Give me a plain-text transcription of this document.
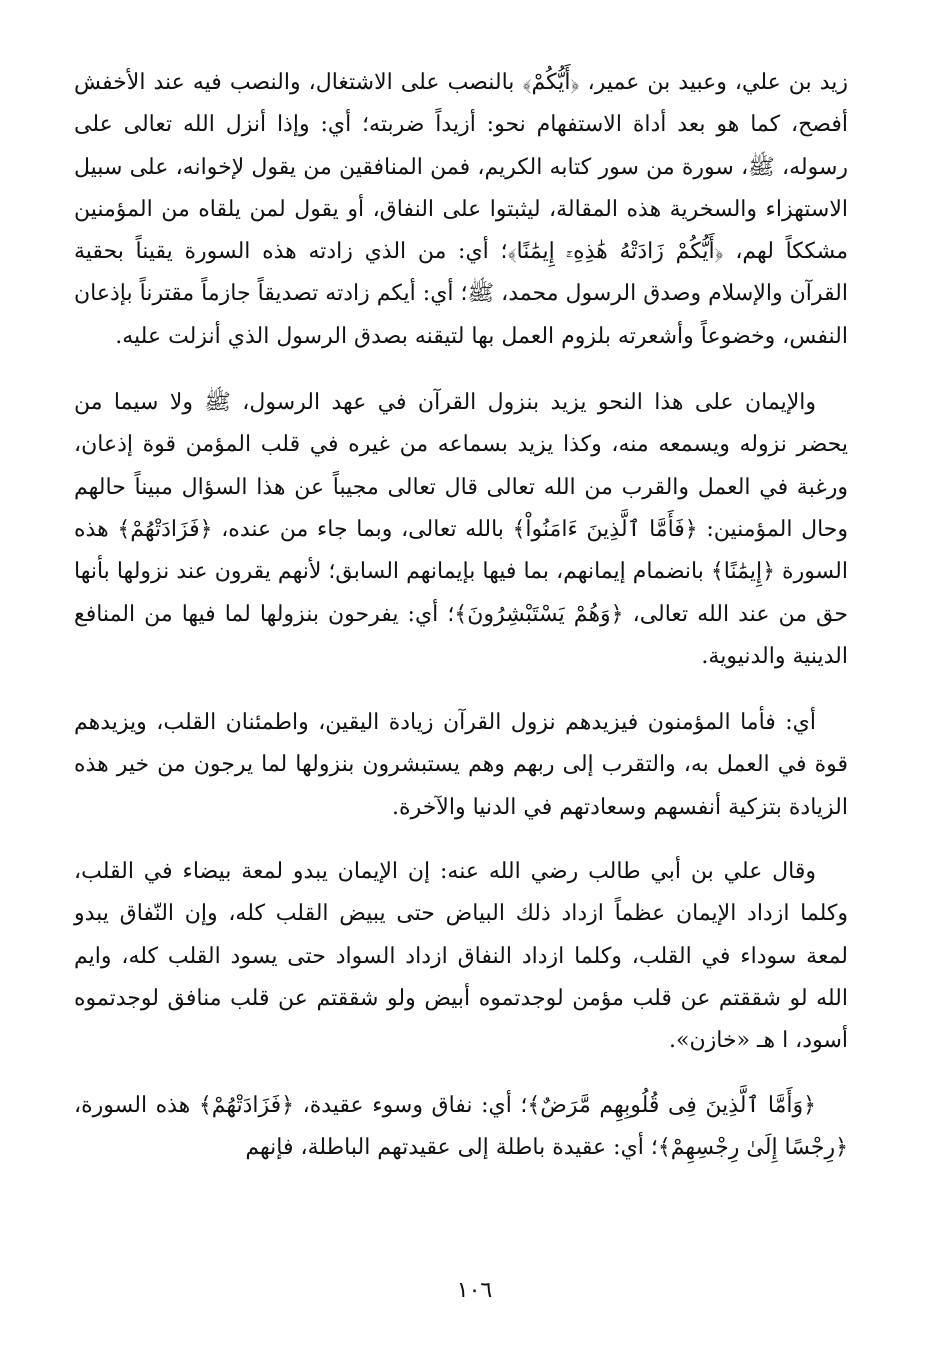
زيد بن علي، وعبيد بن عمير، ﴿أَيُّكُمْ﴾ بالنصب على الاشتغال، والنصب فيه عند الأخفش أفصح، كما هو بعد أداة الاستفهام نحو: أزيداً ضربته؛ أي: وإذا أنزل الله تعالى على رسوله، ﷺ، سورة من سور كتابه الكريم، فمن المنافقين من يقول لإخوانه، على سبيل الاستهزاء والسخرية هذه المقالة، ليثبتوا على النفاق، أو يقول لمن يلقاه من المؤمنين مشككاً لهم، ﴿أَيُّكُمْ زَادَتْهُ هَٰذِهِۦٓ إِيمَٰنًا﴾؛ أي: من الذي زادته هذه السورة يقيناً بحقية القرآن والإسلام وصدق الرسول محمد، ﷺ؛ أي: أيكم زادته تصديقاً جازماً مقترناً بإذعان النفس، وخضوعاً وأشعرته بلزوم العمل بها لتيقنه بصدق الرسول الذي أنزلت عليه.

والإيمان على هذا النحو يزيد بنزول القرآن في عهد الرسول، ﷺ ولا سيما من يحضر نزوله ويسمعه منه، وكذا يزيد بسماعه من غيره في قلب المؤمن قوة إذعان، ورغبة في العمل والقرب من الله تعالى قال تعالى مجيباً عن هذا السؤال مبيناً حالهم وحال المؤمنين: ﴿فَأَمَّا ٱلَّذِينَ ءَامَنُواْ﴾ بالله تعالى، وبما جاء من عنده، ﴿فَزَادَتْهُمْ﴾ هذه السورة ﴿إِيمَٰنًا﴾ بانضمام إيمانهم، بما فيها بإيمانهم السابق؛ لأنهم يقرون عند نزولها بأنها حق من عند الله تعالى، ﴿وَهُمْ يَسْتَبْشِرُونَ﴾؛ أي: يفرحون بنزولها لما فيها من المنافع الدينية والدنيوية.

أي: فأما المؤمنون فيزيدهم نزول القرآن زيادة اليقين، واطمئنان القلب، ويزيدهم قوة في العمل به، والتقرب إلى ربهم وهم يستبشرون بنزولها لما يرجون من خير هذه الزيادة بتزكية أنفسهم وسعادتهم في الدنيا والآخرة.

وقال علي بن أبي طالب رضي الله عنه: إن الإيمان يبدو لمعة بيضاء في القلب، وكلما ازداد الإيمان عظماً ازداد ذلك البياض حتى يبيض القلب كله، وإن النّفاق يبدو لمعة سوداء في القلب، وكلما ازداد النفاق ازداد السواد حتى يسود القلب كله، وايم الله لو شققتم عن قلب مؤمن لوجدتموه أبيض ولو شققتم عن قلب منافق لوجدتموه أسود، ا هـ «خازن».

﴿وَأَمَّا ٱلَّذِينَ فِى قُلُوبِهِم مَّرَضٌ﴾؛ أي: نفاق وسوء عقيدة، ﴿فَزَادَتْهُمْ﴾ هذه السورة، ﴿رِجْسًا إِلَىٰ رِجْسِهِمْ﴾؛ أي: عقيدة باطلة إلى عقيدتهم الباطلة، فإنهم

١٠٦
